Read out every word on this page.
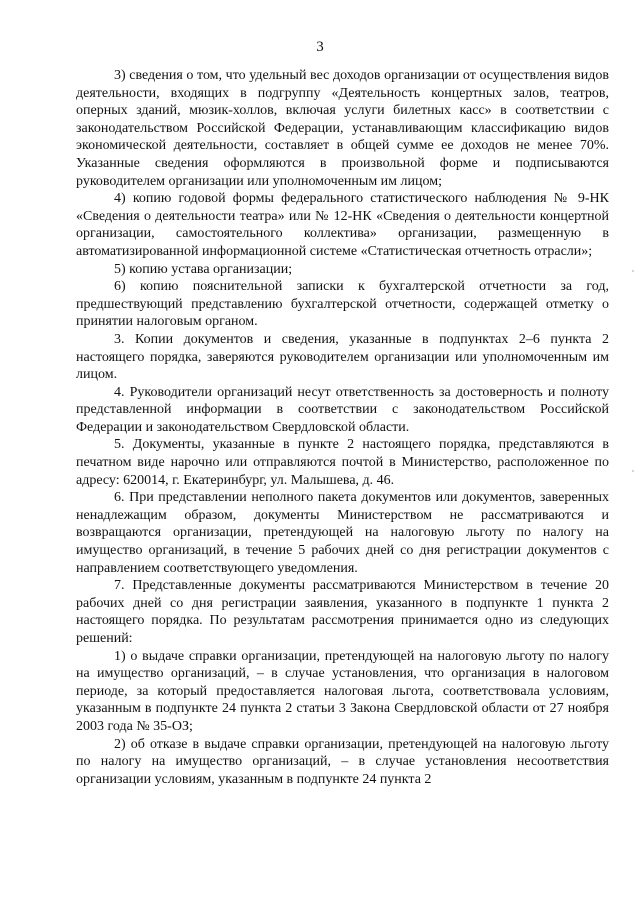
3

3) сведения о том, что удельный вес доходов организации от осуществления видов деятельности, входящих в подгруппу «Деятельность концертных залов, театров, оперных зданий, мюзик-холлов, включая услуги билетных касс» в соответствии с законодательством Российской Федерации, устанавливающим классификацию видов экономической деятельности, составляет в общей сумме ее доходов не менее 70%. Указанные сведения оформляются в произвольной форме и подписываются руководителем организации или уполномоченным им лицом;

4) копию годовой формы федерального статистического наблюдения № 9-НК «Сведения о деятельности театра» или № 12-НК «Сведения о деятельности концертной организации, самостоятельного коллектива» организации, размещенную в автоматизированной информационной системе «Статистическая отчетность отрасли»;

5) копию устава организации;

6) копию пояснительной записки к бухгалтерской отчетности за год, предшествующий представлению бухгалтерской отчетности, содержащей отметку о принятии налоговым органом.

3. Копии документов и сведения, указанные в подпунктах 2–6 пункта 2 настоящего порядка, заверяются руководителем организации или уполномоченным им лицом.

4. Руководители организаций несут ответственность за достоверность и полноту представленной информации в соответствии с законодательством Российской Федерации и законодательством Свердловской области.

5. Документы, указанные в пункте 2 настоящего порядка, представляются в печатном виде нарочно или отправляются почтой в Министерство, расположенное по адресу: 620014, г. Екатеринбург, ул. Малышева, д. 46.

6. При представлении неполного пакета документов или документов, заверенных ненадлежащим образом, документы Министерством не рассматриваются и возвращаются организации, претендующей на налоговую льготу по налогу на имущество организаций, в течение 5 рабочих дней со дня регистрации документов с направлением соответствующего уведомления.

7. Представленные документы рассматриваются Министерством в течение 20 рабочих дней со дня регистрации заявления, указанного в подпункте 1 пункта 2 настоящего порядка. По результатам рассмотрения принимается одно из следующих решений:

1) о выдаче справки организации, претендующей на налоговую льготу по налогу на имущество организаций, – в случае установления, что организация в налоговом периоде, за который предоставляется налоговая льгота, соответствовала условиям, указанным в подпункте 24 пункта 2 статьи 3 Закона Свердловской области от 27 ноября 2003 года № 35-ОЗ;

2) об отказе в выдаче справки организации, претендующей на налоговую льготу по налогу на имущество организаций, – в случае установления несоответствия организации условиям, указанным в подпункте 24 пункта 2
